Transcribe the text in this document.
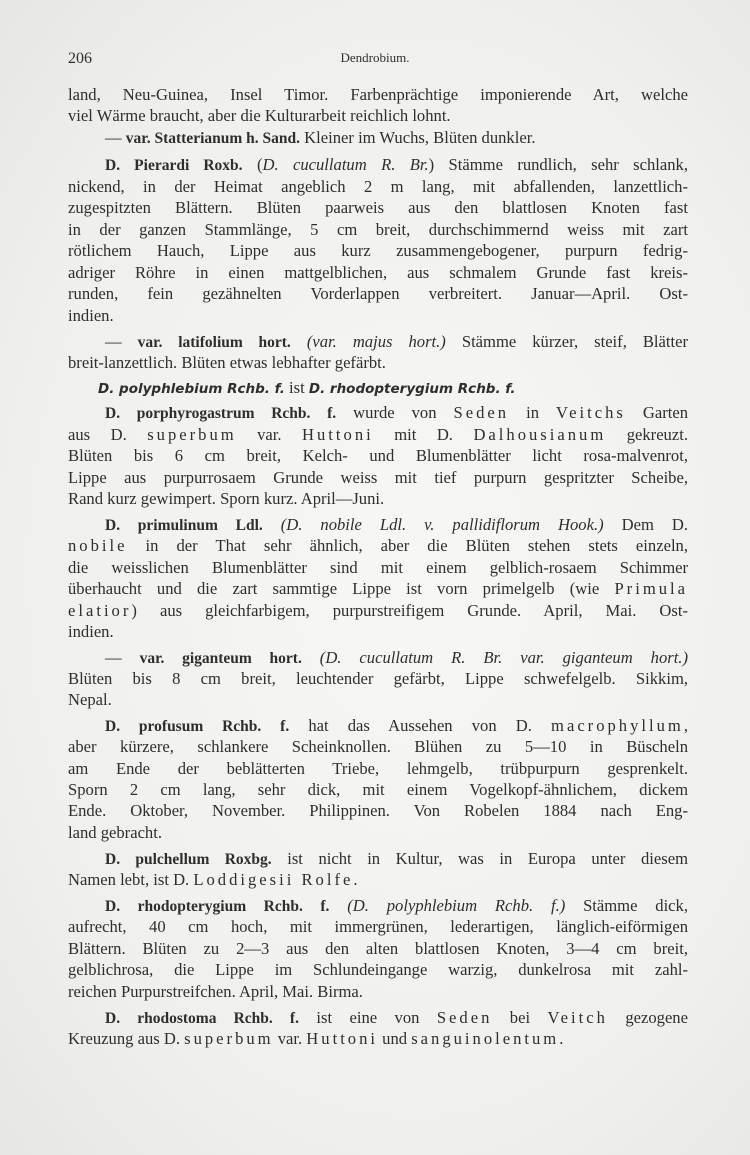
206	Dendrobium.
land, Neu-Guinea, Insel Timor. Farbenprächtige imponierende Art, welche
viel Wärme braucht, aber die Kulturarbeit reichlich lohnt.
— var. Statterianum h. Sand. Kleiner im Wuchs, Blüten dunkler.
D. Pierardi Roxb. (D. cucullatum R. Br.) Stämme rundlich, sehr schlank,
nickend, in der Heimat angeblich 2 m lang, mit abfallenden, lanzettlich-
zugespitzten Blättern. Blüten paarweis aus den blattlosen Knoten fast
in der ganzen Stammlänge, 5 cm breit, durchschimmernd weiss mit zart
rötlichem Hauch, Lippe aus kurz zusammengebogener, purpurn fedrig-
adriger Röhre in einen mattgelblichen, aus schmalem Grunde fast kreis-
runden, fein gezähnelten Vorderlappen verbreitert. Januar—April. Ost-
indien.
— var. latifolium hort. (var. majus hort.) Stämme kürzer, steif, Blätter
breit-lanzettlich. Blüten etwas lebhafter gefärbt.
D. polyphlebium Rchb. f. ist D. rhodopterygium Rchb. f.
D. porphyrogastrum Rchb. f. wurde von Seden in Veitchs Garten
aus D. superbum var. Huttoni mit D. Dalhousianum gekreuzt.
Blüten bis 6 cm breit, Kelch- und Blumenblätter licht rosa-malvenrot,
Lippe aus purpurrosaem Grunde weiss mit tief purpurn gespritzter Scheibe,
Rand kurz gewimpert. Sporn kurz. April—Juni.
D. primulinum Ldl. (D. nobile Ldl. v. pallidiflorum Hook.) Dem D.
nobile in der That sehr ähnlich, aber die Blüten stehen stets einzeln,
die weisslichen Blumenblätter sind mit einem gelblich-rosaem Schimmer
überhaucht und die zart sammtige Lippe ist vorn primelgelb (wie Primula
elatior) aus gleichfarbigem, purpurstreifigem Grunde. April, Mai. Ost-
indien.
— var. giganteum hort. (D. cucullatum R. Br. var. giganteum hort.)
Blüten bis 8 cm breit, leuchtender gefärbt, Lippe schwefelgelb. Sikkim,
Nepal.
D. profusum Rchb. f. hat das Aussehen von D. macrophyllum,
aber kürzere, schlankere Scheinknollen. Blühen zu 5—10 in Büscheln
am Ende der beblätterten Triebe, lehmgelb, trübpurpurn gesprenkelt.
Sporn 2 cm lang, sehr dick, mit einem Vogelkopf-ähnlichem, dickem
Ende. Oktober, November. Philippinen. Von Robelen 1884 nach Eng-
land gebracht.
D. pulchellum Roxbg. ist nicht in Kultur, was in Europa unter diesem
Namen lebt, ist D. Loddigesii Rolfe.
D. rhodopterygium Rchb. f. (D. polyphlebium Rchb. f.) Stämme dick,
aufrecht, 40 cm hoch, mit immergrünen, lederartigen, länglich-eiförmigen
Blättern. Blüten zu 2—3 aus den alten blattlosen Knoten, 3—4 cm breit,
gelblichrosa, die Lippe im Schlundeingange warzig, dunkelrosa mit zahl-
reichen Purpurstreifchen. April, Mai. Birma.
D. rhodostoma Rchb. f. ist eine von Seden bei Veitch gezogene
Kreuzung aus D. superbum var. Huttoni und sanguinolentum.
